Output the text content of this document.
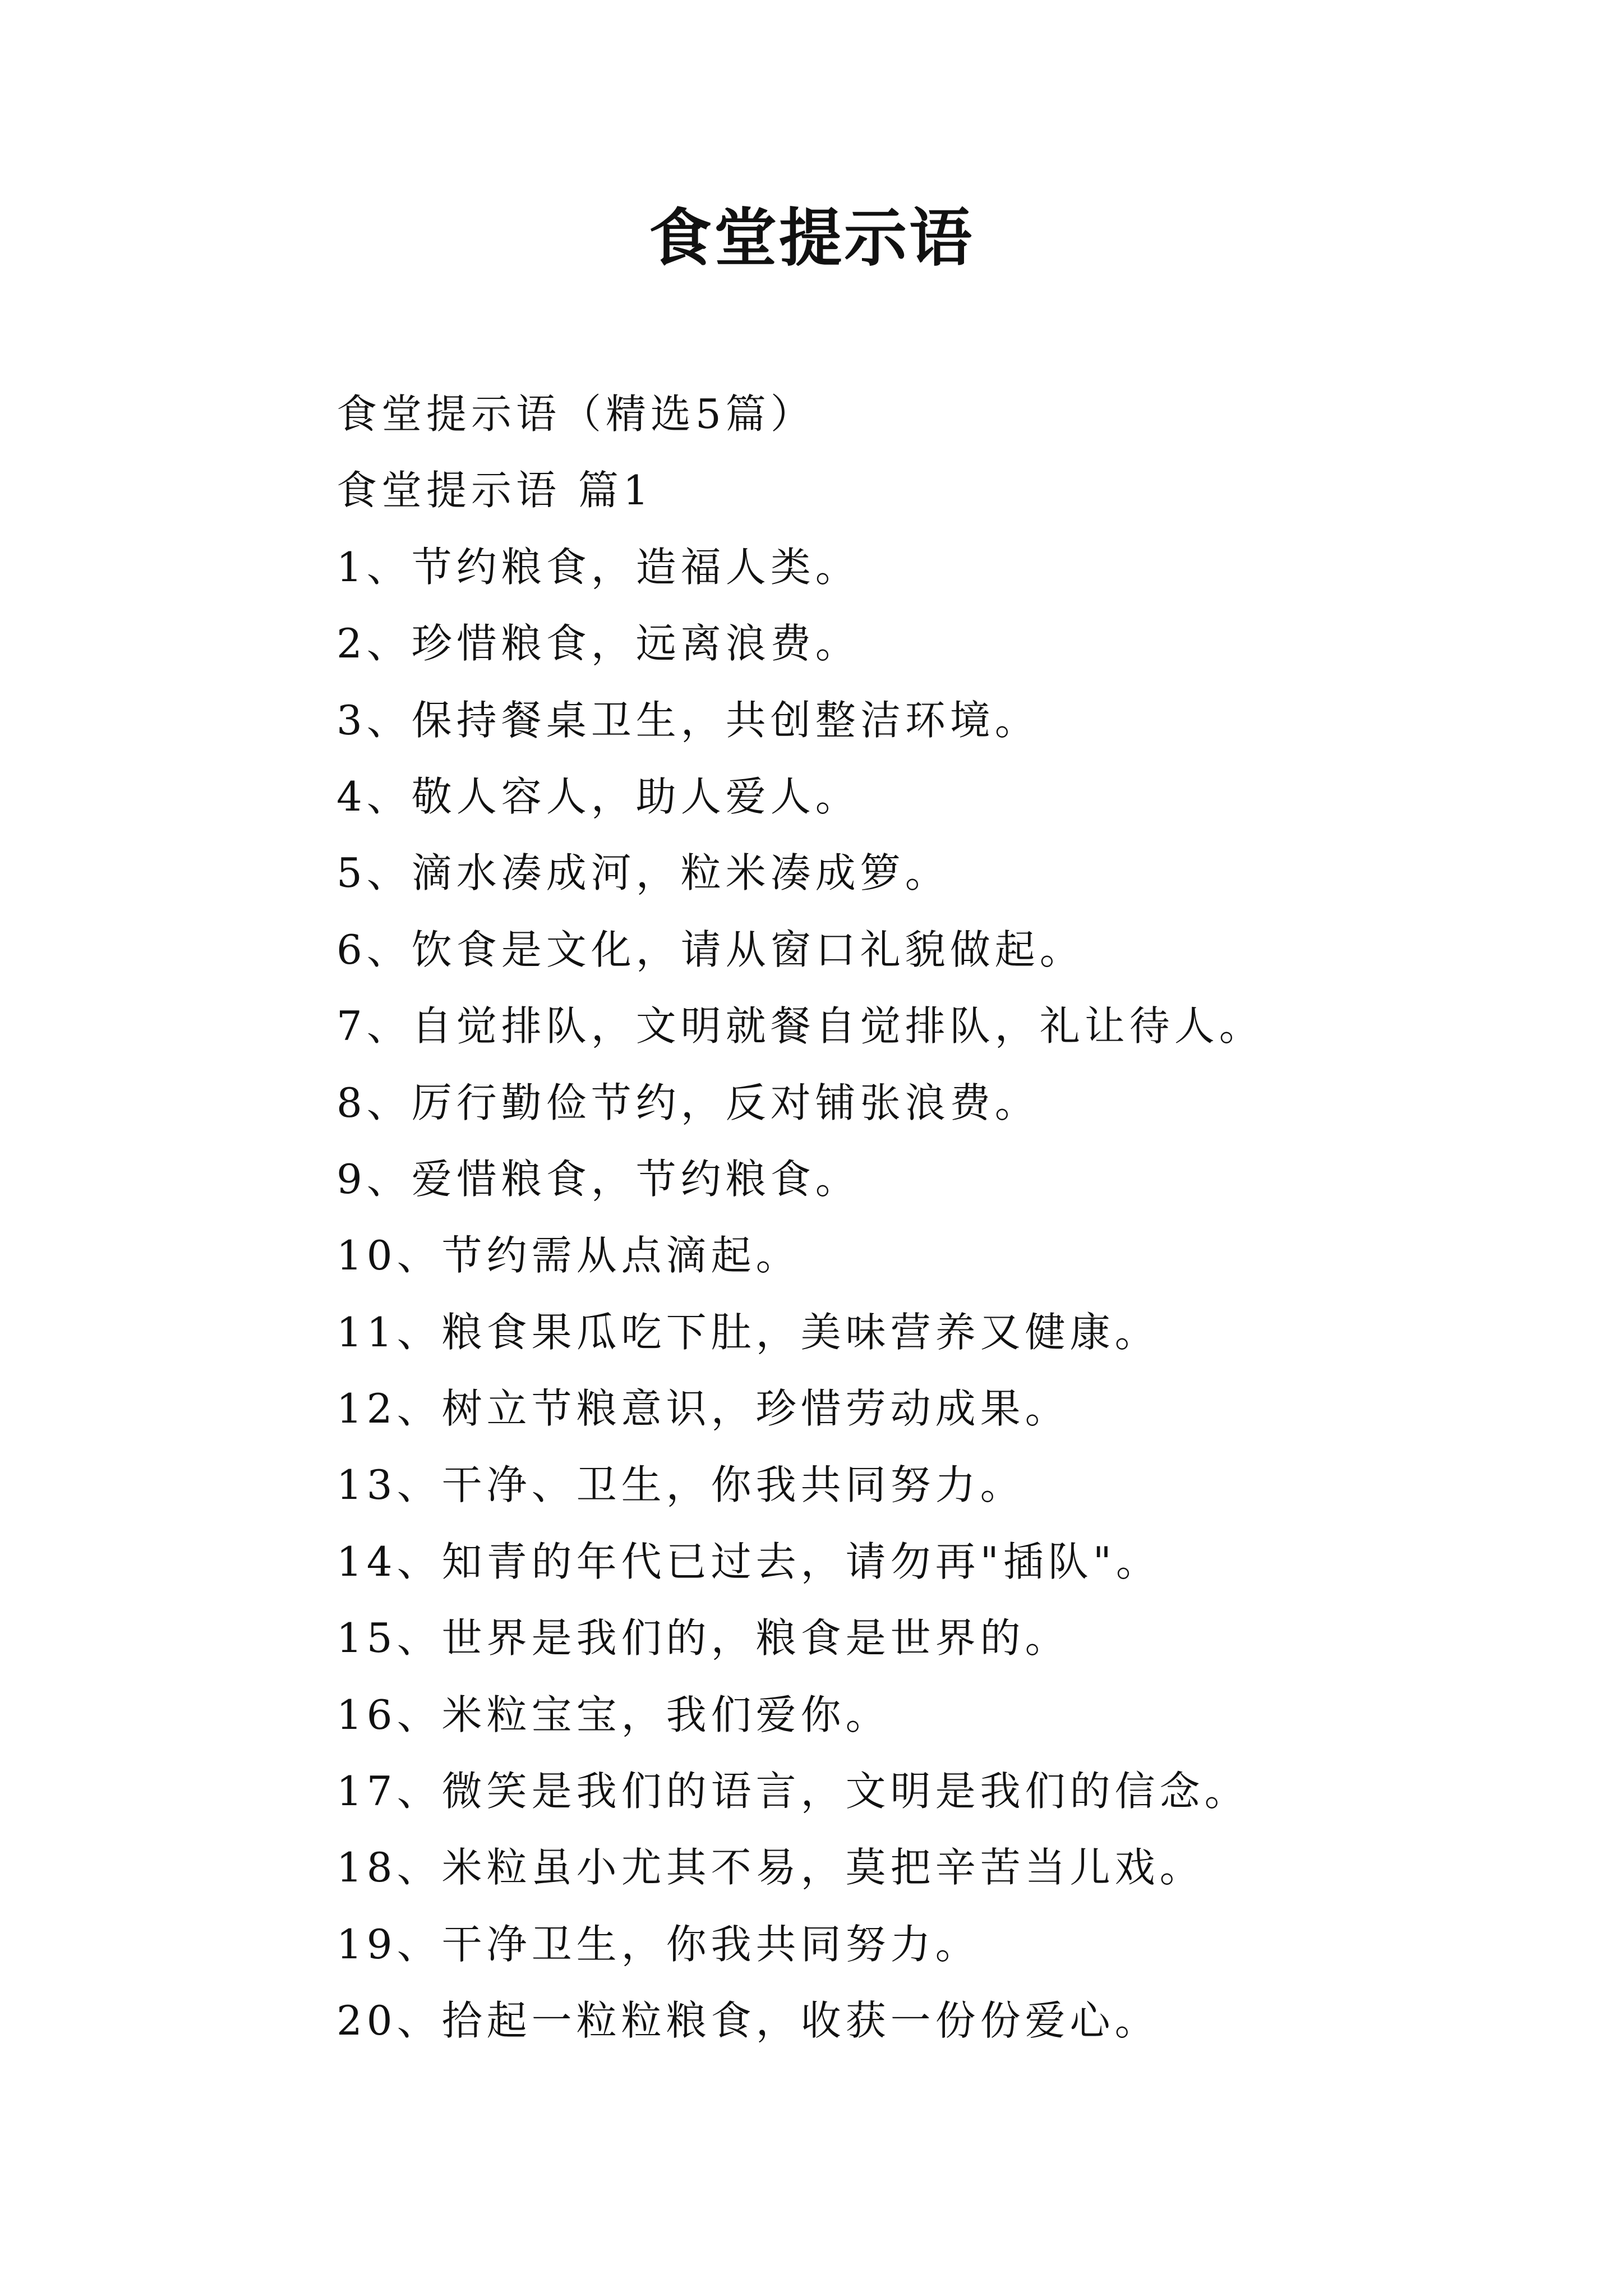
食堂提示语
食堂提示语（精选5篇）
食堂提示语 篇1
1、节约粮食，造福人类。
2、珍惜粮食，远离浪费。
3、保持餐桌卫生，共创整洁环境。
4、敬人容人，助人爱人。
5、滴水凑成河，粒米凑成箩。
6、饮食是文化，请从窗口礼貌做起。
7、自觉排队，文明就餐自觉排队，礼让待人。
8、厉行勤俭节约，反对铺张浪费。
9、爱惜粮食，节约粮食。
10、节约需从点滴起。
11、粮食果瓜吃下肚，美味营养又健康。
12、树立节粮意识，珍惜劳动成果。
13、干净、卫生，你我共同努力。
14、知青的年代已过去，请勿再"插队"。
15、世界是我们的，粮食是世界的。
16、米粒宝宝，我们爱你。
17、微笑是我们的语言，文明是我们的信念。
18、米粒虽小尤其不易，莫把辛苦当儿戏。
19、干净卫生，你我共同努力。
20、拾起一粒粒粮食，收获一份份爱心。
